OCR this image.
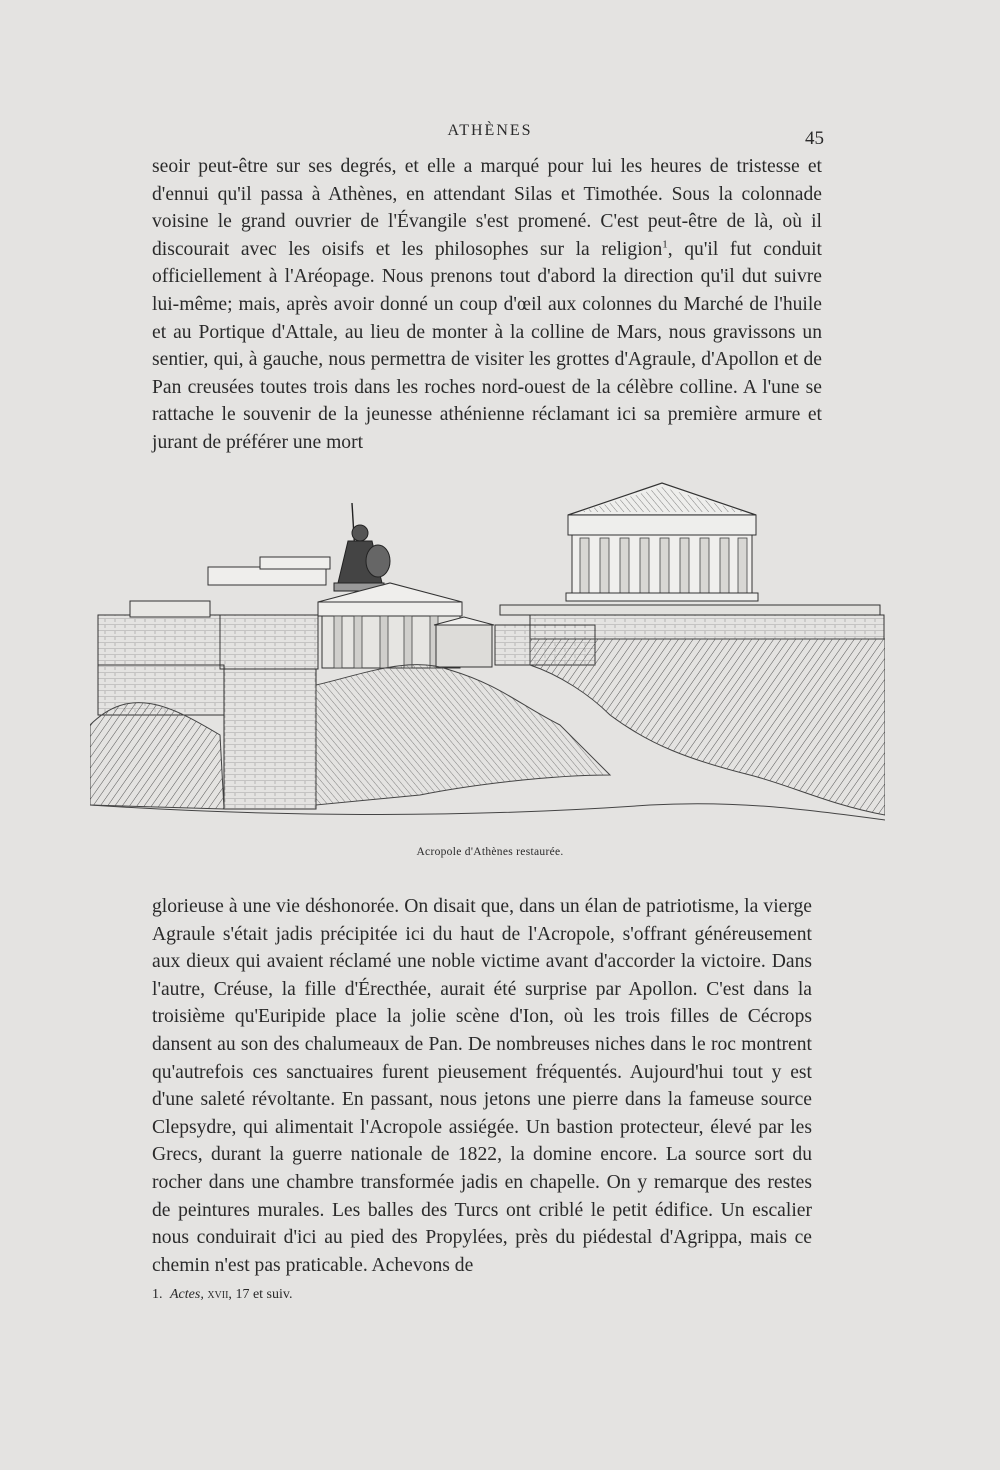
ATHÈNES	45

seoir peut-être sur ses degrés, et elle a marqué pour lui les heures de tristesse et d'ennui qu'il passa à Athènes, en attendant Silas et Timothée. Sous la colonnade voisine le grand ouvrier de l'Évangile s'est promené. C'est peut-être de là, où il discourait avec les oisifs et les philosophes sur la religion$^1$, qu'il fut conduit officiellement à l'Aréopage. Nous prenons tout d'abord la direction qu'il dut suivre lui-même; mais, après avoir donné un coup d'œil aux colonnes du Marché de l'huile et au Portique d'Attale, au lieu de monter à la colline de Mars, nous gravissons un sentier, qui, à gauche, nous permettra de visiter les grottes d'Agraule, d'Apollon et de Pan creusées toutes trois dans les roches nord-ouest de la célèbre colline. A l'une se rattache le souvenir de la jeunesse athénienne réclamant ici sa première armure et jurant de préférer une mort

Acropole d'Athènes restaurée.

glorieuse à une vie déshonorée. On disait que, dans un élan de patriotisme, la vierge Agraule s'était jadis précipitée ici du haut de l'Acropole, s'offrant généreusement aux dieux qui avaient réclamé une noble victime avant d'accorder la victoire. Dans l'autre, Créuse, la fille d'Érecthée, aurait été surprise par Apollon. C'est dans la troisième qu'Euripide place la jolie scène d'Ion, où les trois filles de Cécrops dansent au son des chalumeaux de Pan. De nombreuses niches dans le roc montrent qu'autrefois ces sanctuaires furent pieusement fréquentés. Aujourd'hui tout y est d'une saleté révoltante. En passant, nous jetons une pierre dans la fameuse source Clepsydre, qui alimentait l'Acropole assiégée. Un bastion protecteur, élevé par les Grecs, durant la guerre nationale de 1822, la domine encore. La source sort du rocher dans une chambre transformée jadis en chapelle. On y remarque des restes de peintures murales. Les balles des Turcs ont criblé le petit édifice. Un escalier nous conduirait d'ici au pied des Propylées, près du piédestal d'Agrippa, mais ce chemin n'est pas praticable. Achevons de

1. Actes, xvii, 17 et suiv.
